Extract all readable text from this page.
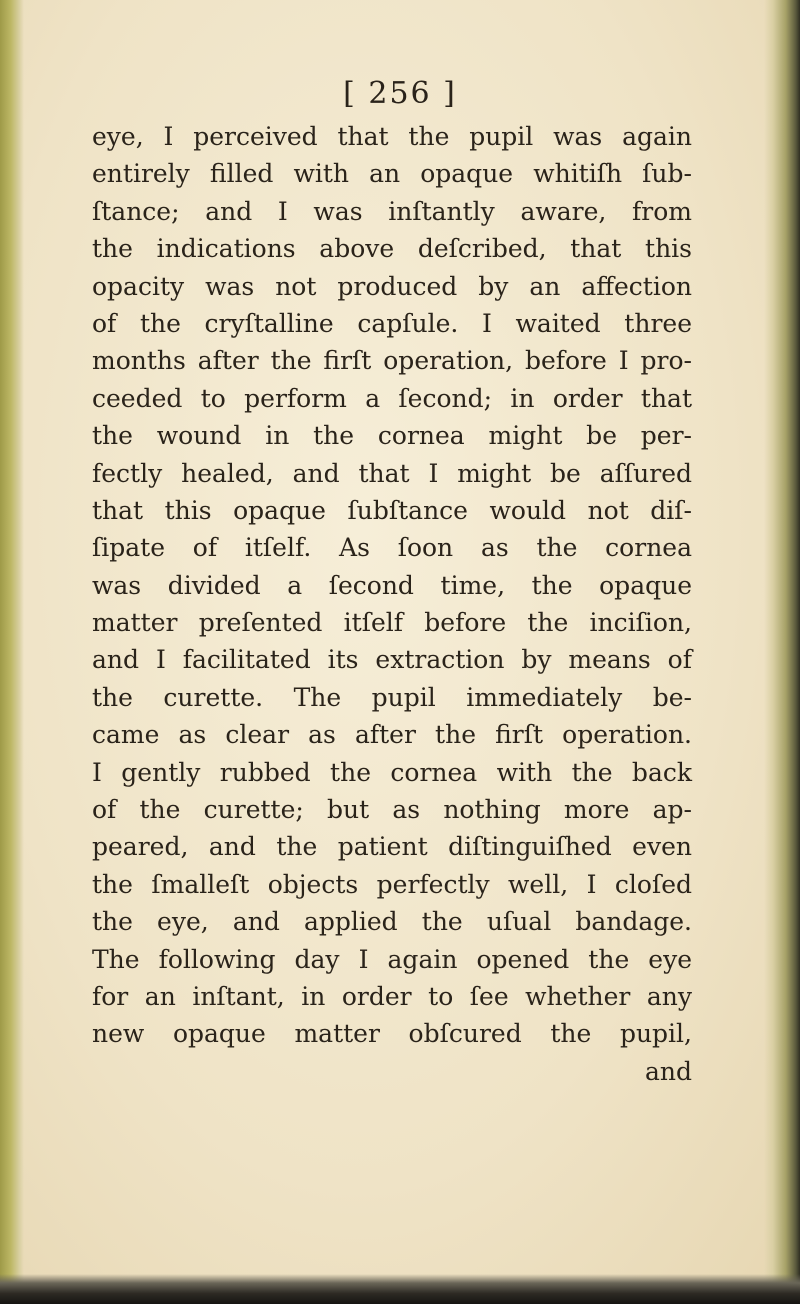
[ 256 ]
eye, I perceived that the pupil was again
entirely filled with an opaque whitiſh ſub-
ſtance; and I was inſtantly aware, from
the indications above deſcribed, that this
opacity was not produced by an affection
of the cryſtalline capſule. I waited three
months after the firſt operation, before I pro-
ceeded to perform a ſecond; in order that
the wound in the cornea might be per-
fectly healed, and that I might be aſſured
that this opaque ſubſtance would not diſ-
ſipate of itſelf. As ſoon as the cornea
was divided a ſecond time, the opaque
matter preſented itſelf before the inciſion,
and I facilitated its extraction by means of
the curette. The pupil immediately be-
came as clear as after the firſt operation.
I gently rubbed the cornea with the back
of the curette; but as nothing more ap-
peared, and the patient diſtinguiſhed even
the ſmalleſt objects perfectly well, I cloſed
the eye, and applied the uſual bandage.
The following day I again opened the eye
for an inſtant, in order to ſee whether any
new opaque matter obſcured the pupil,
and
